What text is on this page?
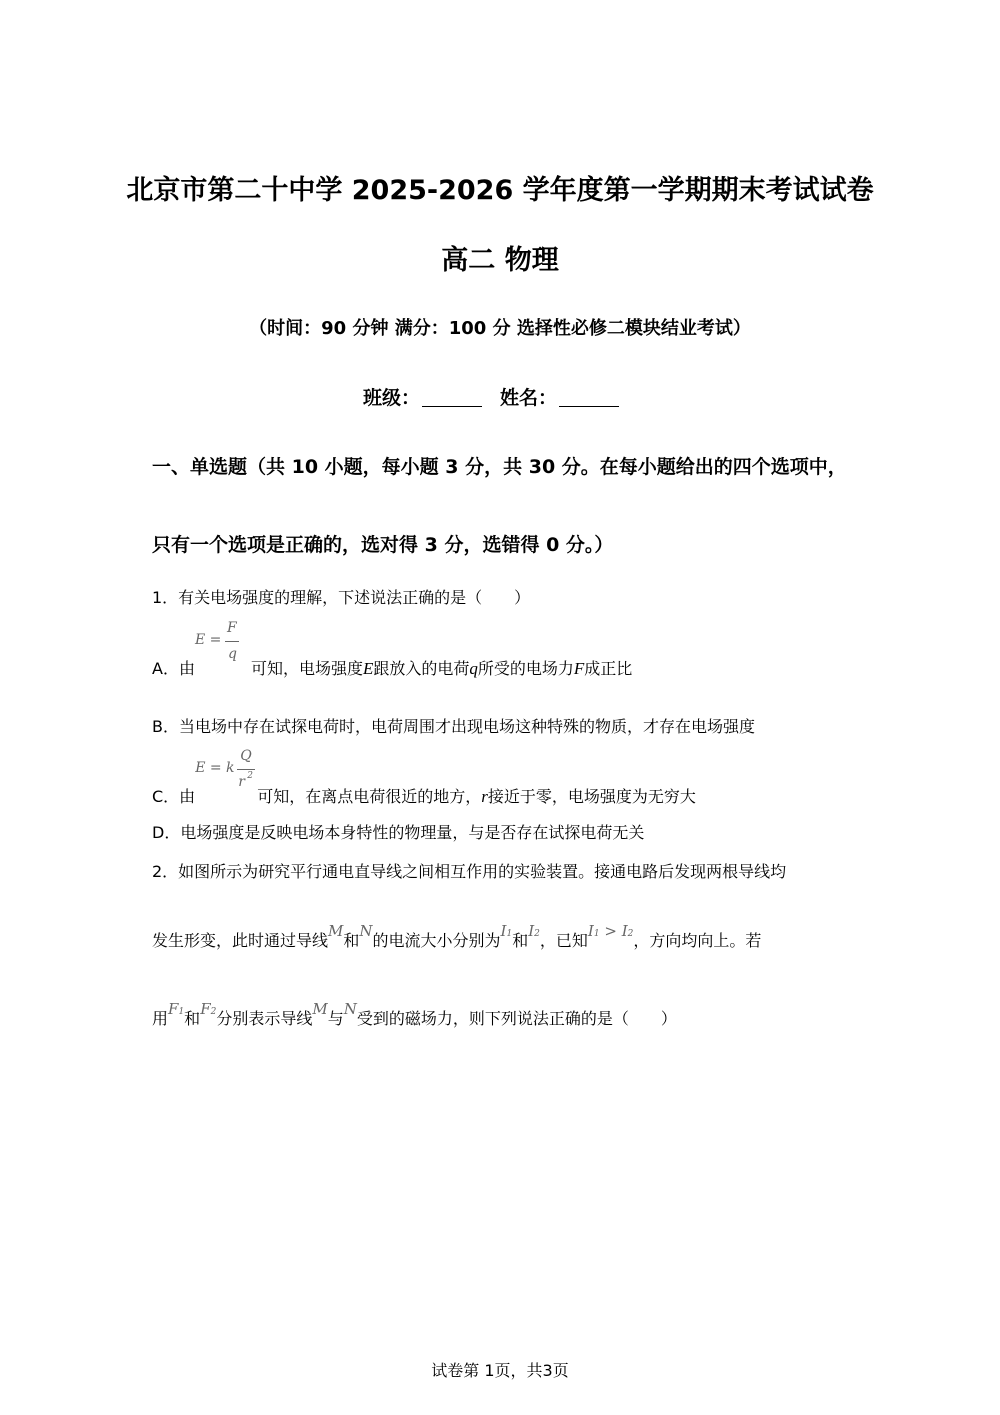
北京市第二十中学 2025-2026 学年度第一学期期末考试试卷
高二 物理
（时间：90 分钟 满分：100 分 选择性必修二模块结业考试）
班级：	姓名：
一、单选题（共 10 小题，每小题 3 分，共 30 分。在每小题给出的四个选项中，
只有一个选项是正确的，选对得 3 分，选错得 0 分。）
1．有关电场强度的理解，下述说法正确的是（　　）
A．由
E =
F
q
可知，电场强度E跟放入的电荷q所受的电场力F成正比
B．当电场中存在试探电荷时，电荷周围才出现电场这种特殊的物质，才存在电场强度
C．由
E = k
Q
r 2
可知，在离点电荷很近的地方，r接近于零，电场强度为无穷大
D．电场强度是反映电场本身特性的物理量，与是否存在试探电荷无关
2．如图所示为研究平行通电直导线之间相互作用的实验装置。接通电路后发现两根导线均
发生形变，此时通过导线M和N的电流大小分别为I1和I2，已知I1 > I2，方向均向上。若
用F1和F2分别表示导线M与N受到的磁场力，则下列说法正确的是（　　）
试卷第 1页，共3页
